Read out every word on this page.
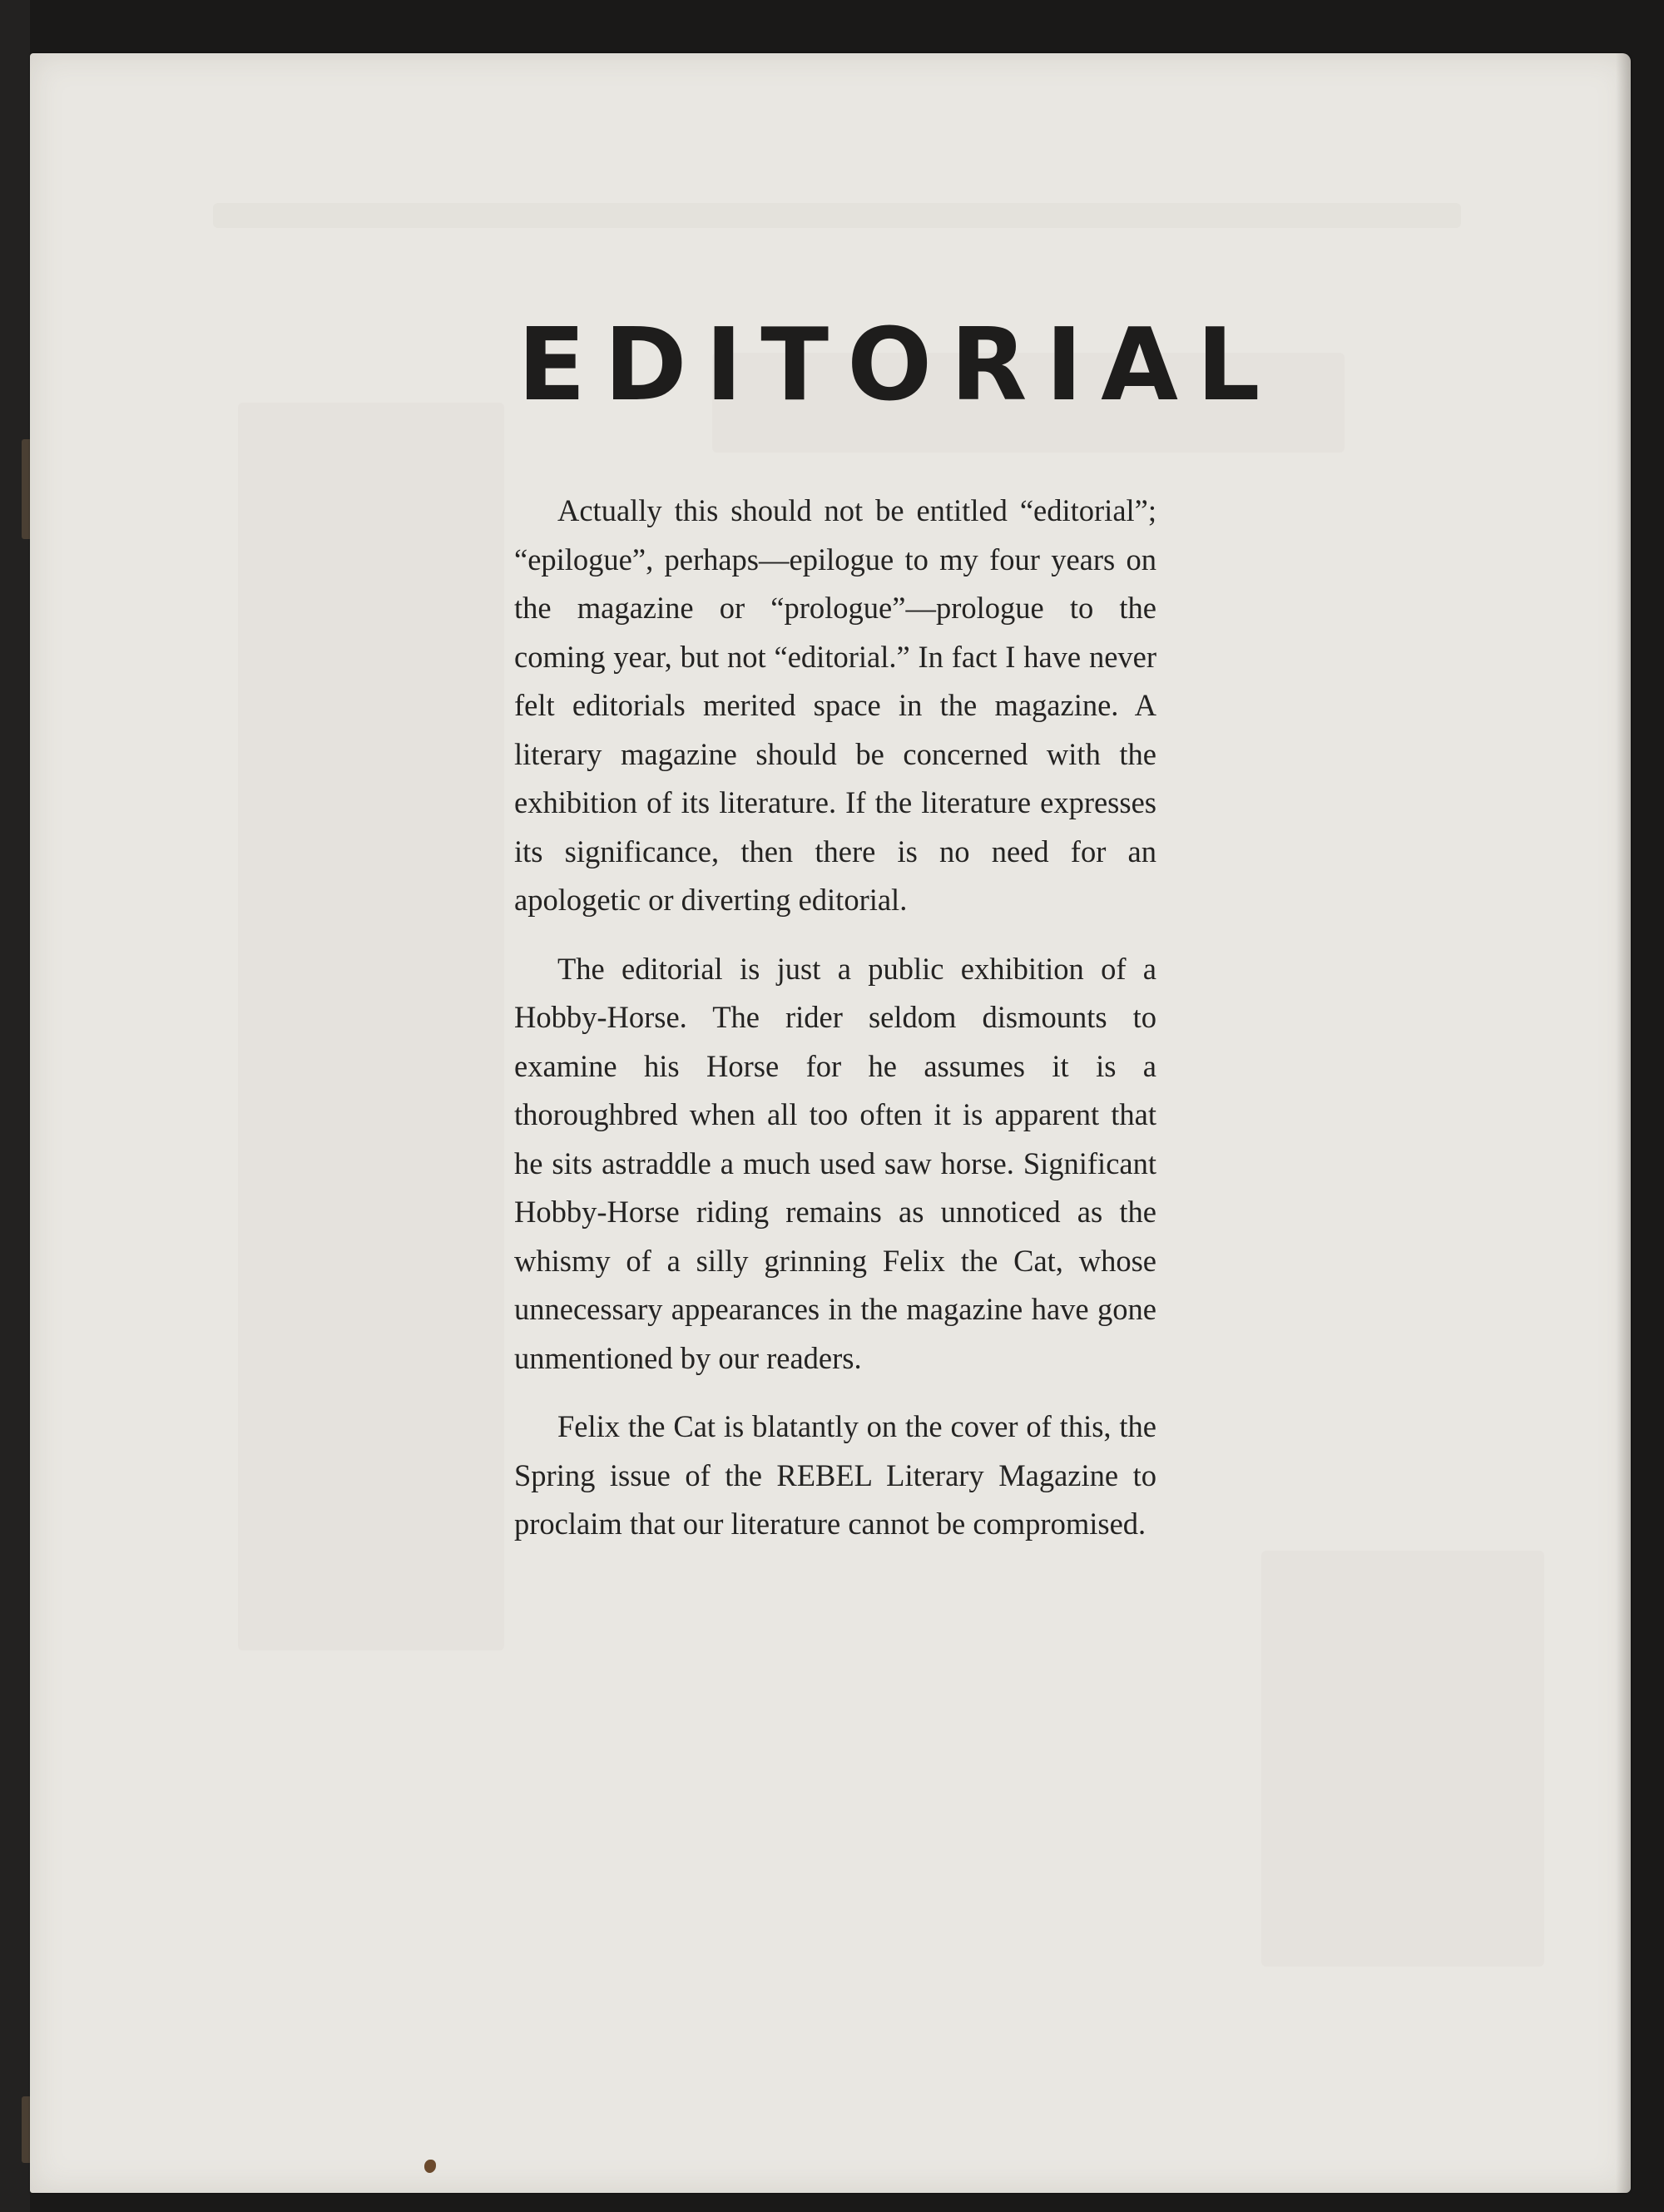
EDITORIAL

Actually this should not be entitled “editorial”; “epilogue”, perhaps—epilogue to my four years on the magazine or “prologue”—prologue to the coming year, but not “editorial.” In fact I have never felt editorials merited space in the magazine. A literary magazine should be concerned with the exhibition of its literature. If the literature expresses its significance, then there is no need for an apologetic or diverting editorial.

The editorial is just a public exhibition of a Hobby-Horse. The rider seldom dismounts to examine his Horse for he assumes it is a thoroughbred when all too often it is apparent that he sits astraddle a much used saw horse. Significant Hobby-Horse riding remains as unnoticed as the whismy of a silly grinning Felix the Cat, whose unnecessary appearances in the magazine have gone unmentioned by our readers.

Felix the Cat is blatantly on the cover of this, the Spring issue of the REBEL Literary Magazine to proclaim that our literature cannot be compromised.
